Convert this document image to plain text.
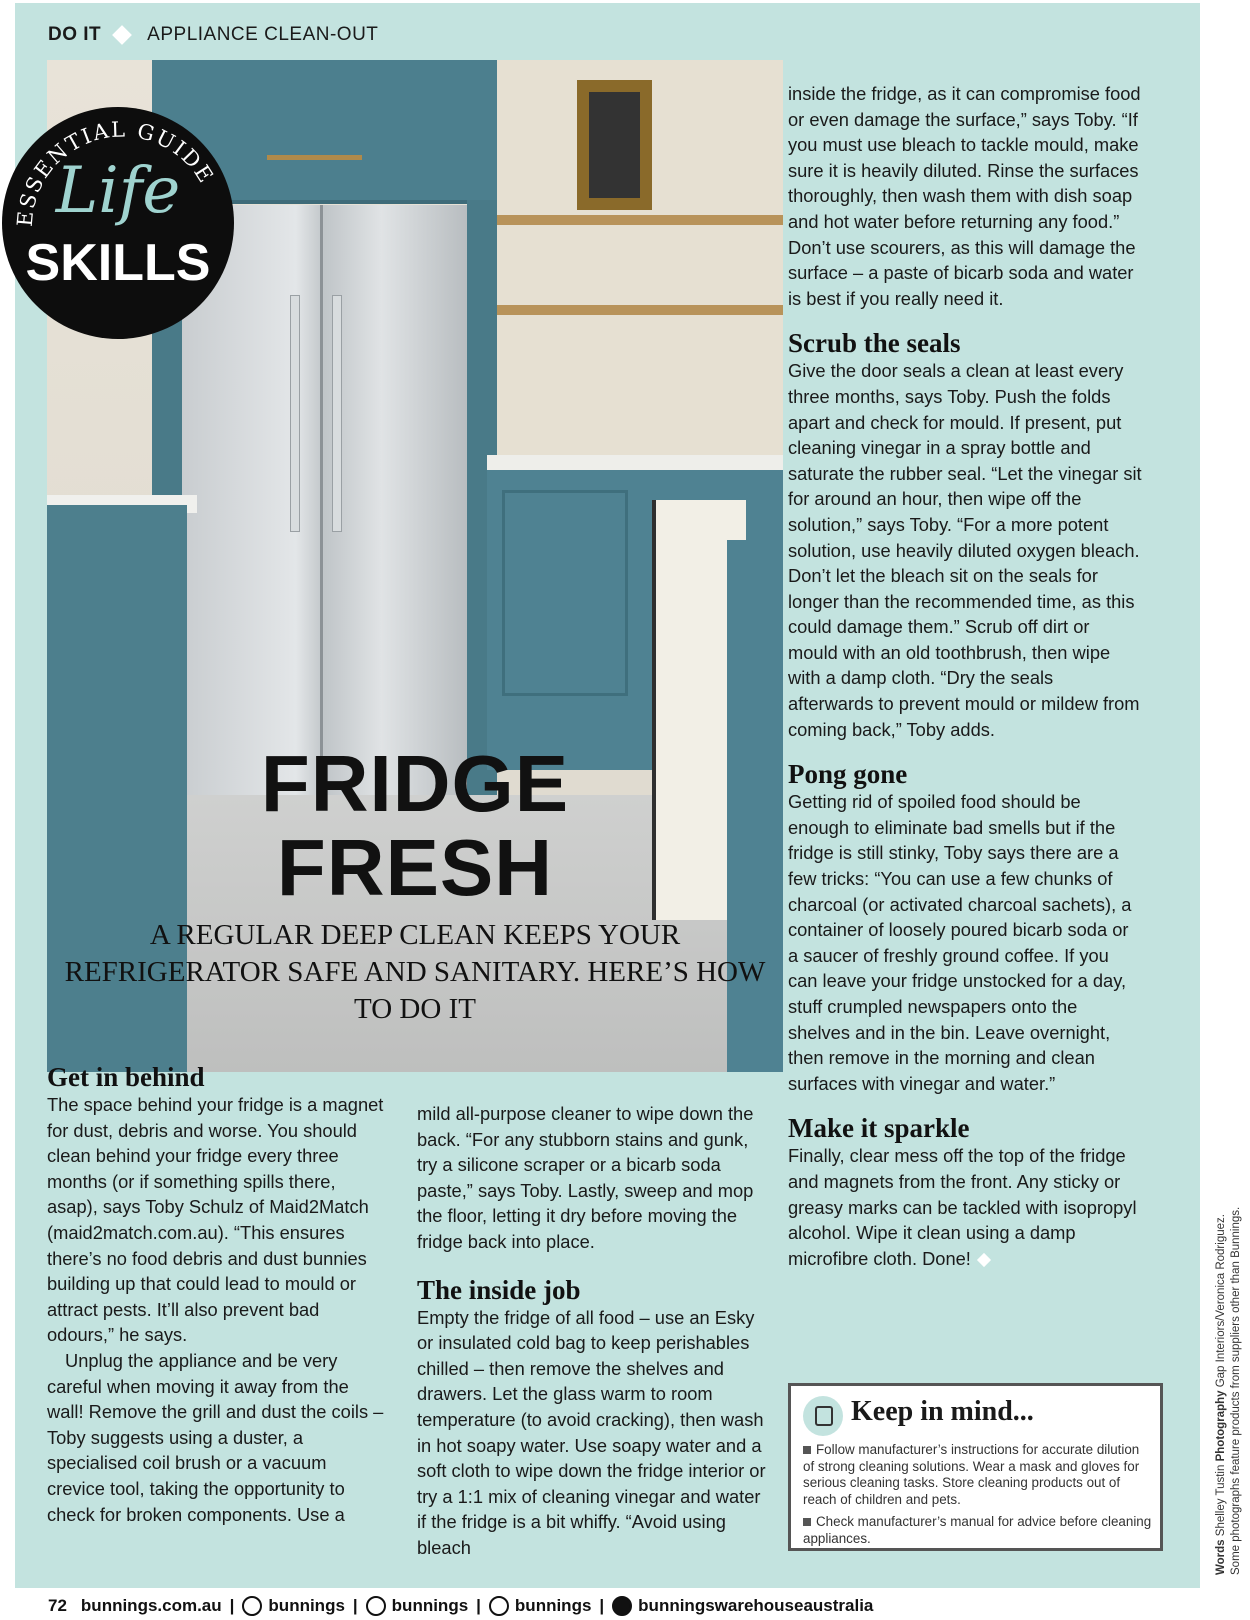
DO IT APPLIANCE CLEAN-OUT
ESSENTIAL GUIDE
Life
SKILLS
FRIDGE
FRESH
A REGULAR DEEP CLEAN KEEPS YOUR REFRIGERATOR SAFE AND SANITARY. HERE’S HOW TO DO IT
Get in behind

The space behind your fridge is a magnet for dust, debris and worse. You should clean behind your fridge every three months (or if something spills there, asap), says Toby Schulz of Maid2Match (maid2match.com.au). “This ensures there’s no food debris and dust bunnies building up that could lead to mould or attract pests. It’ll also prevent bad odours,” he says.

Unplug the appliance and be very careful when moving it away from the wall! Remove the grill and dust the coils – Toby suggests using a duster, a specialised coil brush or a vacuum crevice tool, taking the opportunity to check for broken components. Use a

mild all-purpose cleaner to wipe down the back. “For any stubborn stains and gunk, try a silicone scraper or a bicarb soda paste,” says Toby. Lastly, sweep and mop the floor, letting it dry before moving the fridge back into place.

The inside job

Empty the fridge of all food – use an Esky or insulated cold bag to keep perishables chilled – then remove the shelves and drawers. Let the glass warm to room temperature (to avoid cracking), then wash in hot soapy water. Use soapy water and a soft cloth to wipe down the fridge interior or try a 1:1 mix of cleaning vinegar and water if the fridge is a bit whiffy. “Avoid using bleach

inside the fridge, as it can compromise food or even damage the surface,” says Toby. “If you must use bleach to tackle mould, make sure it is heavily diluted. Rinse the surfaces thoroughly, then wash them with dish soap and hot water before returning any food.” Don’t use scourers, as this will damage the surface – a paste of bicarb soda and water is best if you really need it.

Scrub the seals

Give the door seals a clean at least every three months, says Toby. Push the folds apart and check for mould. If present, put cleaning vinegar in a spray bottle and saturate the rubber seal. “Let the vinegar sit for around an hour, then wipe off the solution,” says Toby. “For a more potent solution, use heavily diluted oxygen bleach. Don’t let the bleach sit on the seals for longer than the recommended time, as this could damage them.” Scrub off dirt or mould with an old toothbrush, then wipe with a damp cloth. “Dry the seals afterwards to prevent mould or mildew from coming back,” Toby adds.

Pong gone

Getting rid of spoiled food should be enough to eliminate bad smells but if the fridge is still stinky, Toby says there are a few tricks: “You can use a few chunks of charcoal (or activated charcoal sachets), a container of loosely poured bicarb soda or a saucer of freshly ground coffee. If you can leave your fridge unstocked for a day, stuff crumpled newspapers onto the shelves and in the bin. Leave overnight, then remove in the morning and clean surfaces with vinegar and water.”

Make it sparkle

Finally, clear mess off the top of the fridge and magnets from the front. Any sticky or greasy marks can be tackled with isopropyl alcohol. Wipe it clean using a damp microfibre cloth. Done!

Keep in mind...

Follow manufacturer’s instructions for accurate dilution of strong cleaning solutions. Wear a mask and gloves for serious cleaning tasks. Store cleaning products out of reach of children and pets.

Check manufacturer’s manual for advice before cleaning appliances.

Words Shelley Tustin Photography Gap Interiors/Veronica Rodriguez. Some photographs feature products from suppliers other than Bunnings.
72 bunnings.com.au | bunnings | bunnings | bunnings | bunningswarehouseaustralia
